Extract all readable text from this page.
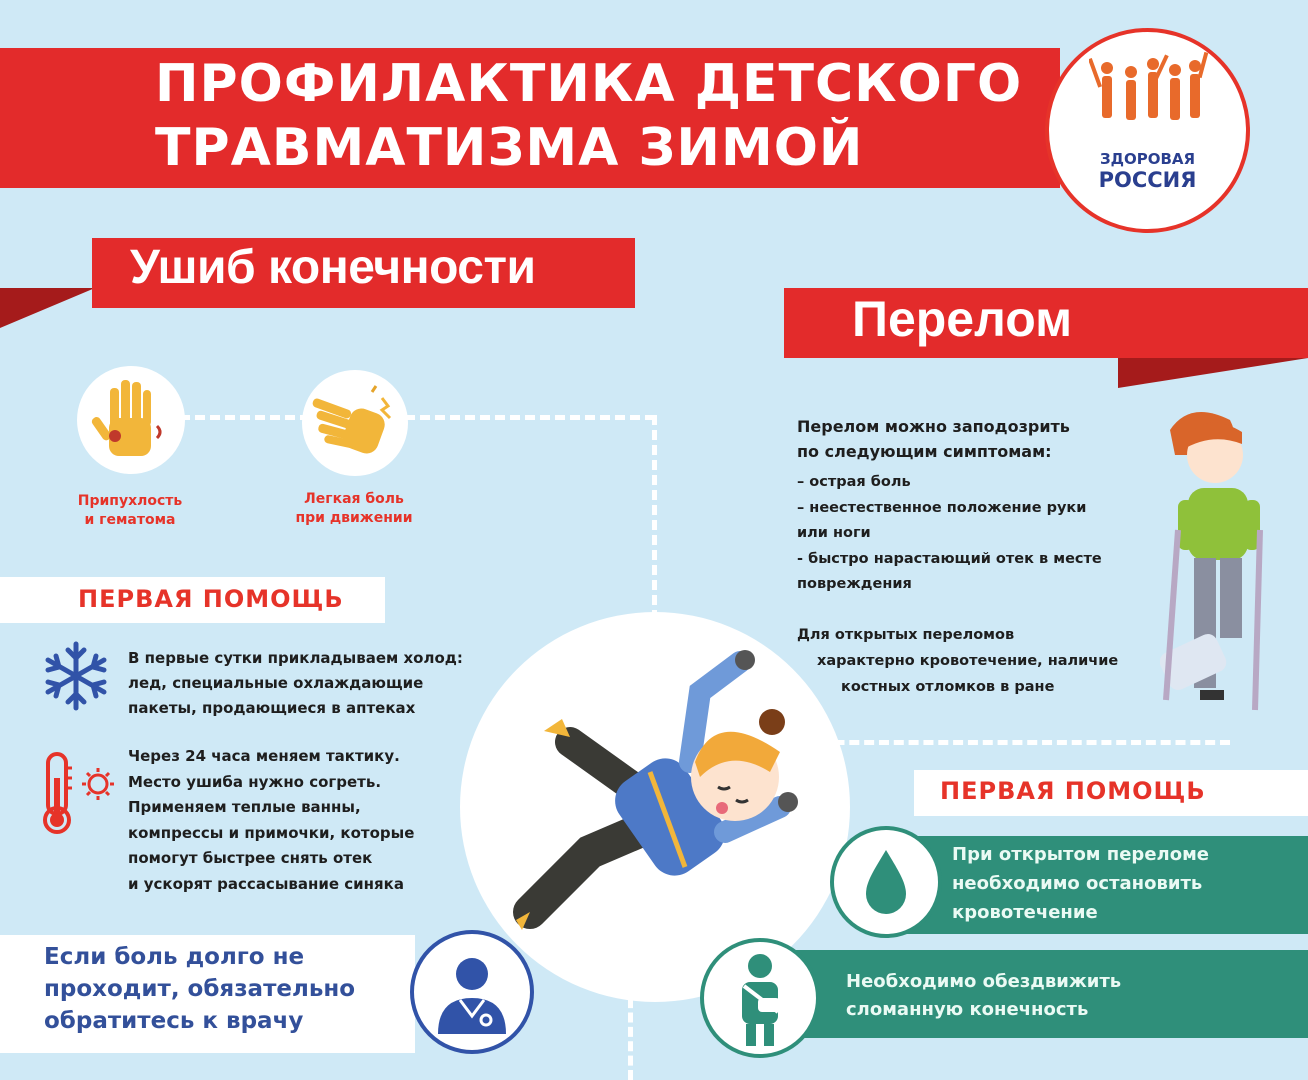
ПРОФИЛАКТИКА ДЕТСКОГО
ТРАВМАТИЗМА ЗИМОЙ	ЗДОРОВАЯ
РОССИЯ
Ушиб конечности
Перелом
Припухлость
и гематома
Легкая боль
при движении
ПЕРВАЯ ПОМОЩЬ
В первые сутки прикладываем холод:
лед, специальные охлаждающие
пакеты, продающиеся в аптеках
Через 24 часа меняем тактику.
Место ушиба нужно согреть.
Применяем теплые ванны,
компрессы и примочки, которые
помогут быстрее снять отек
и ускорят рассасывание синяка
Если боль долго не
проходит, обязательно
обратитесь к врачу
Перелом можно заподозрить
по следующим симптомам:
– острая боль
– неестественное положение руки
или ноги
- быстро нарастающий отек в месте
повреждения
Для открытых переломов
характерно кровотечение, наличие
костных отломков в ране
ПЕРВАЯ ПОМОЩЬ
При открытом переломе
необходимо остановить
кровотечение
Необходимо обездвижить
сломанную конечность
